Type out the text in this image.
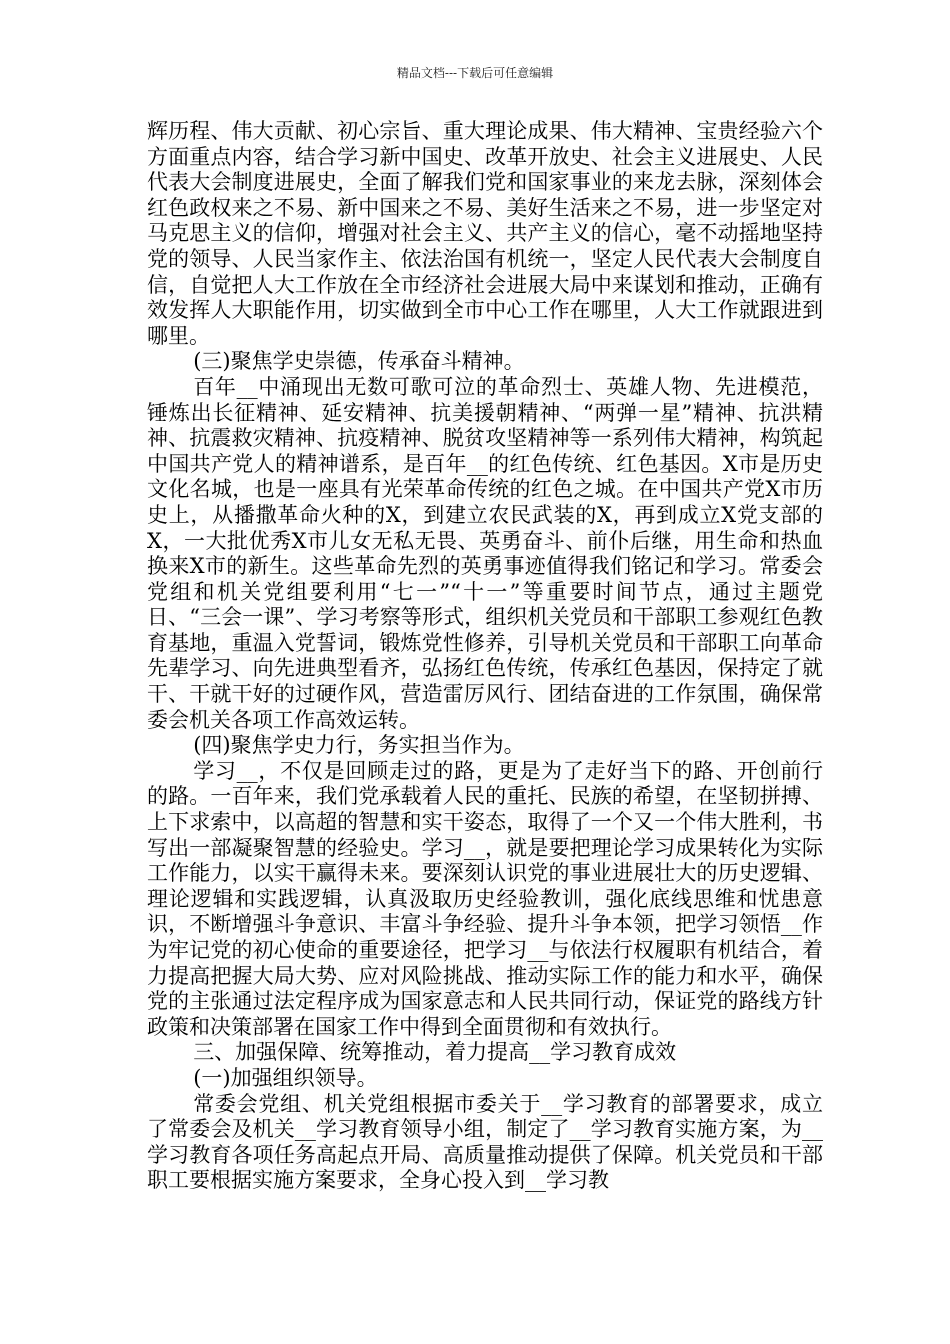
精品文档---下载后可任意编辑

辉历程、伟大贡献、初心宗旨、重大理论成果、伟大精神、宝贵经验六个方面重点内容，结合学习新中国史、改革开放史、社会主义进展史、人民代表大会制度进展史，全面了解我们党和国家事业的来龙去脉，深刻体会红色政权来之不易、新中国来之不易、美好生活来之不易，进一步坚定对马克思主义的信仰，增强对社会主义、共产主义的信心，毫不动摇地坚持党的领导、人民当家作主、依法治国有机统一，坚定人民代表大会制度自信，自觉把人大工作放在全市经济社会进展大局中来谋划和推动，正确有效发挥人大职能作用，切实做到全市中心工作在哪里，人大工作就跟进到哪里。

(三)聚焦学史崇德，传承奋斗精神。

百年__中涌现出无数可歌可泣的革命烈士、英雄人物、先进模范，锤炼出长征精神、延安精神、抗美援朝精神、“两弹一星”精神、抗洪精神、抗震救灾精神、抗疫精神、脱贫攻坚精神等一系列伟大精神，构筑起中国共产党人的精神谱系，是百年__的红色传统、红色基因。X市是历史文化名城，也是一座具有光荣革命传统的红色之城。在中国共产党X市历史上，从播撒革命火种的X，到建立农民武装的X，再到成立X党支部的X，一大批优秀X市儿女无私无畏、英勇奋斗、前仆后继，用生命和热血换来X市的新生。这些革命先烈的英勇事迹值得我们铭记和学习。常委会党组和机关党组要利用“七一”“十一”等重要时间节点，通过主题党日、“三会一课”、学习考察等形式，组织机关党员和干部职工参观红色教育基地，重温入党誓词，锻炼党性修养，引导机关党员和干部职工向革命先辈学习、向先进典型看齐，弘扬红色传统，传承红色基因，保持定了就干、干就干好的过硬作风，营造雷厉风行、团结奋进的工作氛围，确保常委会机关各项工作高效运转。

(四)聚焦学史力行，务实担当作为。

学习__，不仅是回顾走过的路，更是为了走好当下的路、开创前行的路。一百年来，我们党承载着人民的重托、民族的希望，在坚韧拼搏、上下求索中，以高超的智慧和实干姿态，取得了一个又一个伟大胜利，书写出一部凝聚智慧的经验史。学习__，就是要把理论学习成果转化为实际工作能力，以实干赢得未来。要深刻认识党的事业进展壮大的历史逻辑、理论逻辑和实践逻辑，认真汲取历史经验教训，强化底线思维和忧患意识，不断增强斗争意识、丰富斗争经验、提升斗争本领，把学习领悟__作为牢记党的初心使命的重要途径，把学习__与依法行权履职有机结合，着力提高把握大局大势、应对风险挑战、推动实际工作的能力和水平，确保党的主张通过法定程序成为国家意志和人民共同行动，保证党的路线方针政策和决策部署在国家工作中得到全面贯彻和有效执行。

三、加强保障、统筹推动，着力提高__学习教育成效

(一)加强组织领导。

常委会党组、机关党组根据市委关于__学习教育的部署要求，成立了常委会及机关__学习教育领导小组，制定了__学习教育实施方案，为__学习教育各项任务高起点开局、高质量推动提供了保障。机关党员和干部职工要根据实施方案要求，全身心投入到__学习教
